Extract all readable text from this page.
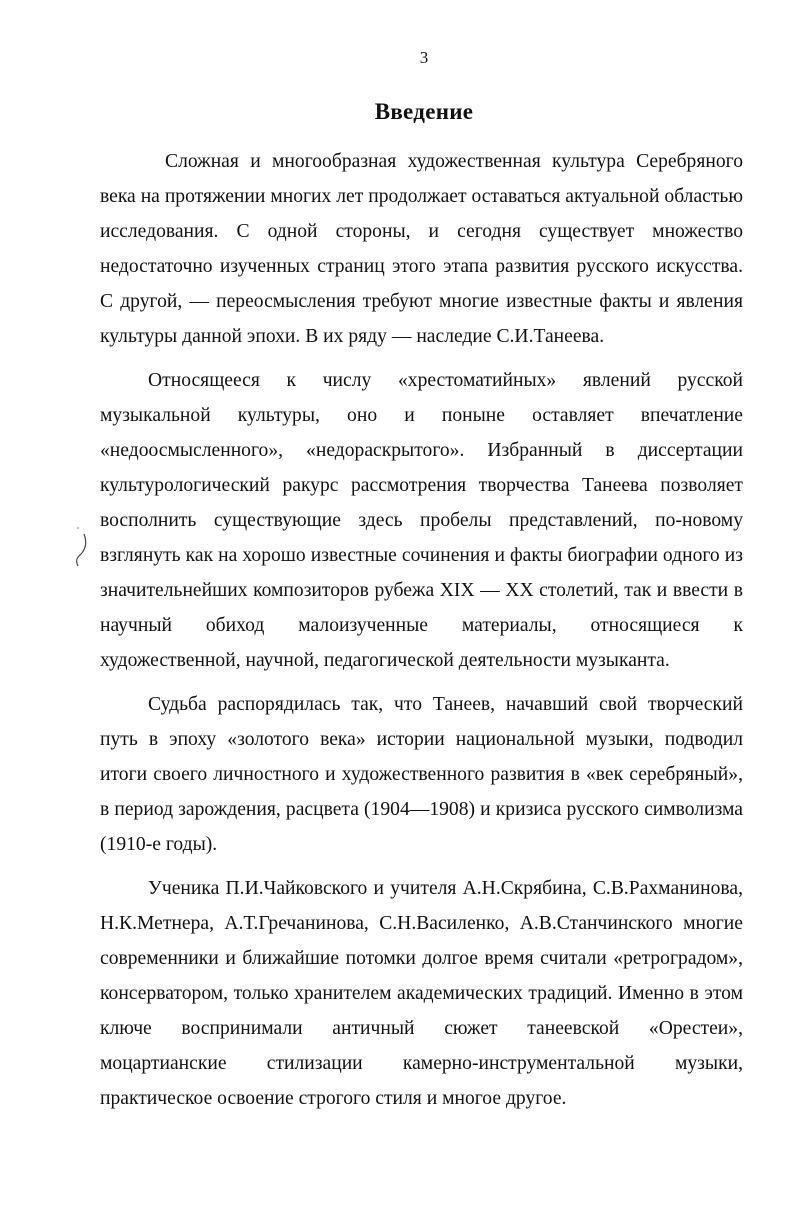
3
Введение

Сложная и многообразная художественная культура Серебряного века на протяжении многих лет продолжает оставаться актуальной областью исследования. С одной стороны, и сегодня существует множество недостаточно изученных страниц этого этапа развития русского искусства. С другой, — переосмысления требуют многие известные факты и явления культуры данной эпохи. В их ряду — наследие С.И.Танеева.

Относящееся к числу «хрестоматийных» явлений русской музыкальной культуры, оно и поныне оставляет впечатление «недоосмысленного», «недораскрытого». Избранный в диссертации культурологический ракурс рассмотрения творчества Танеева позволяет восполнить существующие здесь пробелы представлений, по-новому взглянуть как на хорошо известные сочинения и факты биографии одного из значительнейших композиторов рубежа XIX — XX столетий, так и ввести в научный обиход малоизученные материалы, относящиеся к художественной, научной, педагогической деятельности музыканта.

Судьба распорядилась так, что Танеев, начавший свой творческий путь в эпоху «золотого века» истории национальной музыки, подводил итоги своего личностного и художественного развития в «век серебряный», в период зарождения, расцвета (1904—1908) и кризиса русского символизма (1910-е годы).

Ученика П.И.Чайковского и учителя А.Н.Скрябина, С.В.Рахманинова, Н.К.Метнера, А.Т.Гречанинова, С.Н.Василенко, А.В.Станчинского многие современники и ближайшие потомки долгое время считали «ретроградом», консерватором, только хранителем академических традиций. Именно в этом ключе воспринимали античный сюжет танеевской «Орестеи», моцартианские стилизации камерно-инструментальной музыки, практическое освоение строгого стиля и многое другое.
